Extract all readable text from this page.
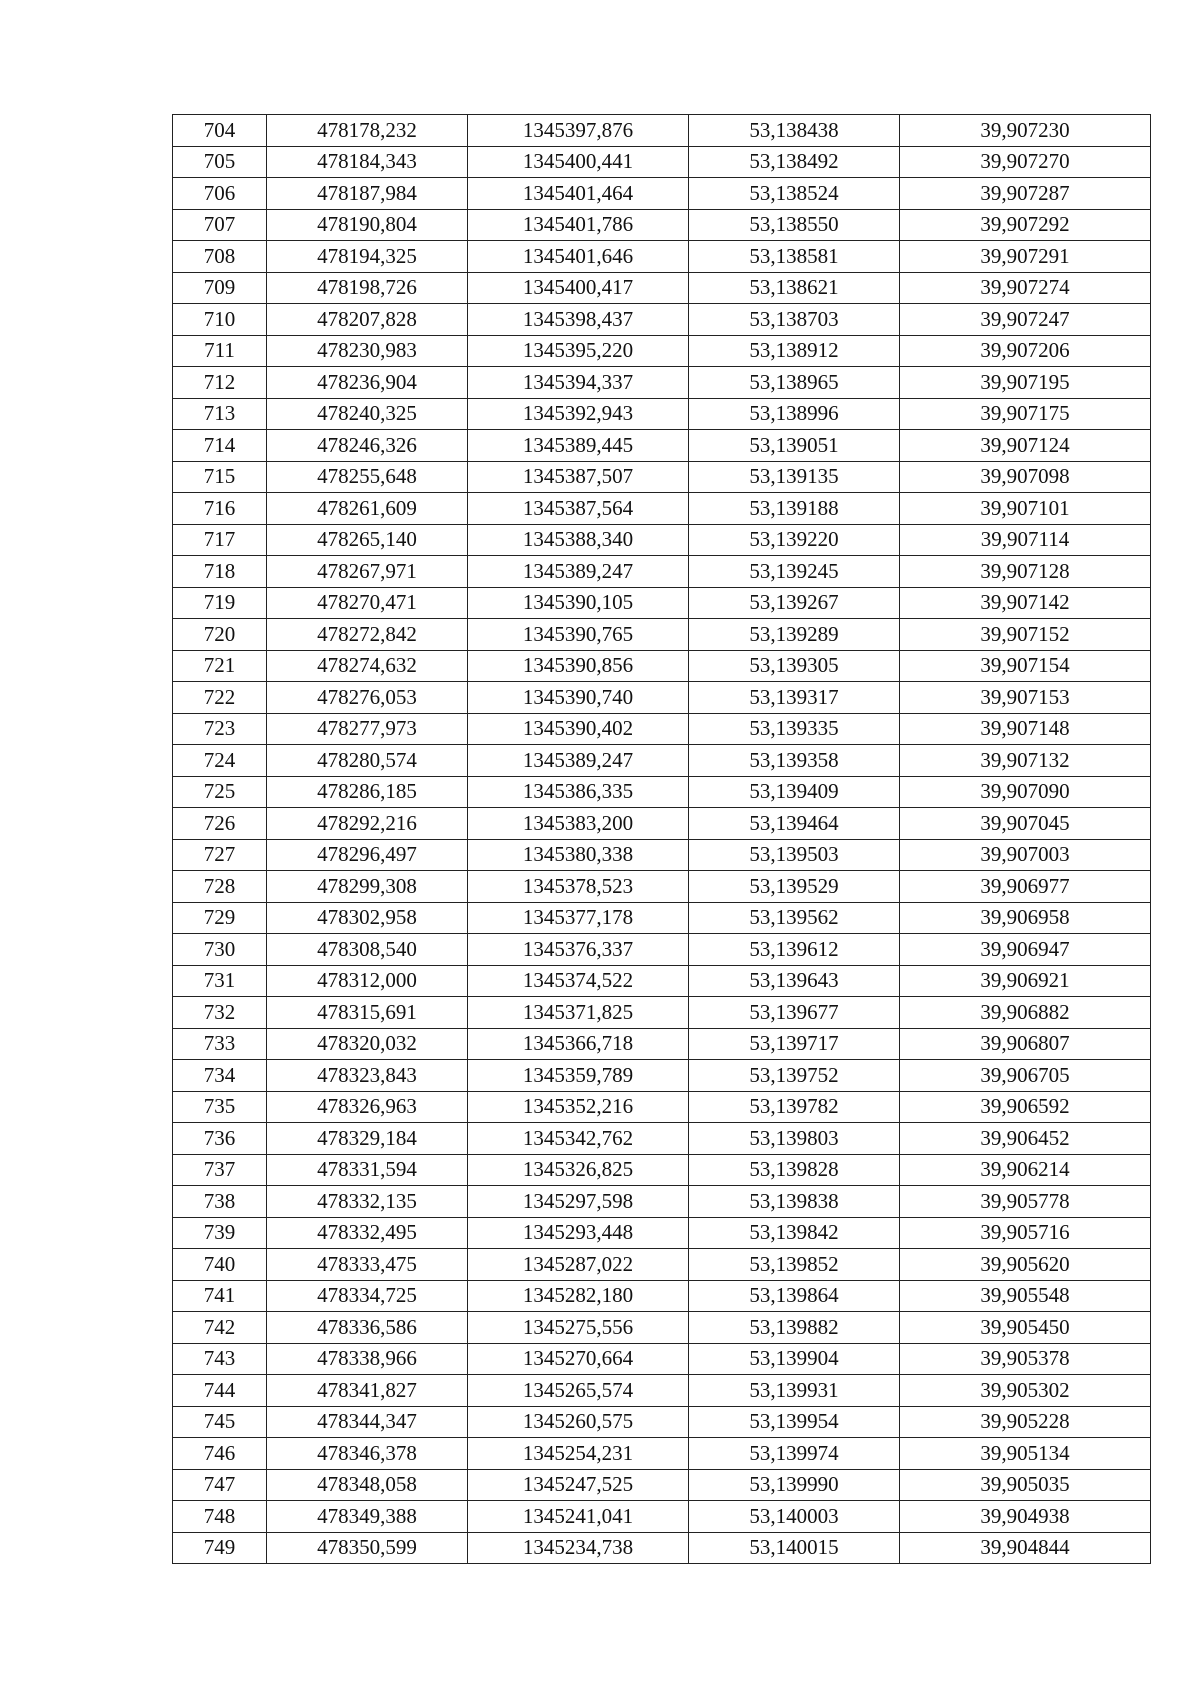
704	478178,232	1345397,876	53,138438	39,907230
705	478184,343	1345400,441	53,138492	39,907270
706	478187,984	1345401,464	53,138524	39,907287
707	478190,804	1345401,786	53,138550	39,907292
708	478194,325	1345401,646	53,138581	39,907291
709	478198,726	1345400,417	53,138621	39,907274
710	478207,828	1345398,437	53,138703	39,907247
711	478230,983	1345395,220	53,138912	39,907206
712	478236,904	1345394,337	53,138965	39,907195
713	478240,325	1345392,943	53,138996	39,907175
714	478246,326	1345389,445	53,139051	39,907124
715	478255,648	1345387,507	53,139135	39,907098
716	478261,609	1345387,564	53,139188	39,907101
717	478265,140	1345388,340	53,139220	39,907114
718	478267,971	1345389,247	53,139245	39,907128
719	478270,471	1345390,105	53,139267	39,907142
720	478272,842	1345390,765	53,139289	39,907152
721	478274,632	1345390,856	53,139305	39,907154
722	478276,053	1345390,740	53,139317	39,907153
723	478277,973	1345390,402	53,139335	39,907148
724	478280,574	1345389,247	53,139358	39,907132
725	478286,185	1345386,335	53,139409	39,907090
726	478292,216	1345383,200	53,139464	39,907045
727	478296,497	1345380,338	53,139503	39,907003
728	478299,308	1345378,523	53,139529	39,906977
729	478302,958	1345377,178	53,139562	39,906958
730	478308,540	1345376,337	53,139612	39,906947
731	478312,000	1345374,522	53,139643	39,906921
732	478315,691	1345371,825	53,139677	39,906882
733	478320,032	1345366,718	53,139717	39,906807
734	478323,843	1345359,789	53,139752	39,906705
735	478326,963	1345352,216	53,139782	39,906592
736	478329,184	1345342,762	53,139803	39,906452
737	478331,594	1345326,825	53,139828	39,906214
738	478332,135	1345297,598	53,139838	39,905778
739	478332,495	1345293,448	53,139842	39,905716
740	478333,475	1345287,022	53,139852	39,905620
741	478334,725	1345282,180	53,139864	39,905548
742	478336,586	1345275,556	53,139882	39,905450
743	478338,966	1345270,664	53,139904	39,905378
744	478341,827	1345265,574	53,139931	39,905302
745	478344,347	1345260,575	53,139954	39,905228
746	478346,378	1345254,231	53,139974	39,905134
747	478348,058	1345247,525	53,139990	39,905035
748	478349,388	1345241,041	53,140003	39,904938
749	478350,599	1345234,738	53,140015	39,904844
